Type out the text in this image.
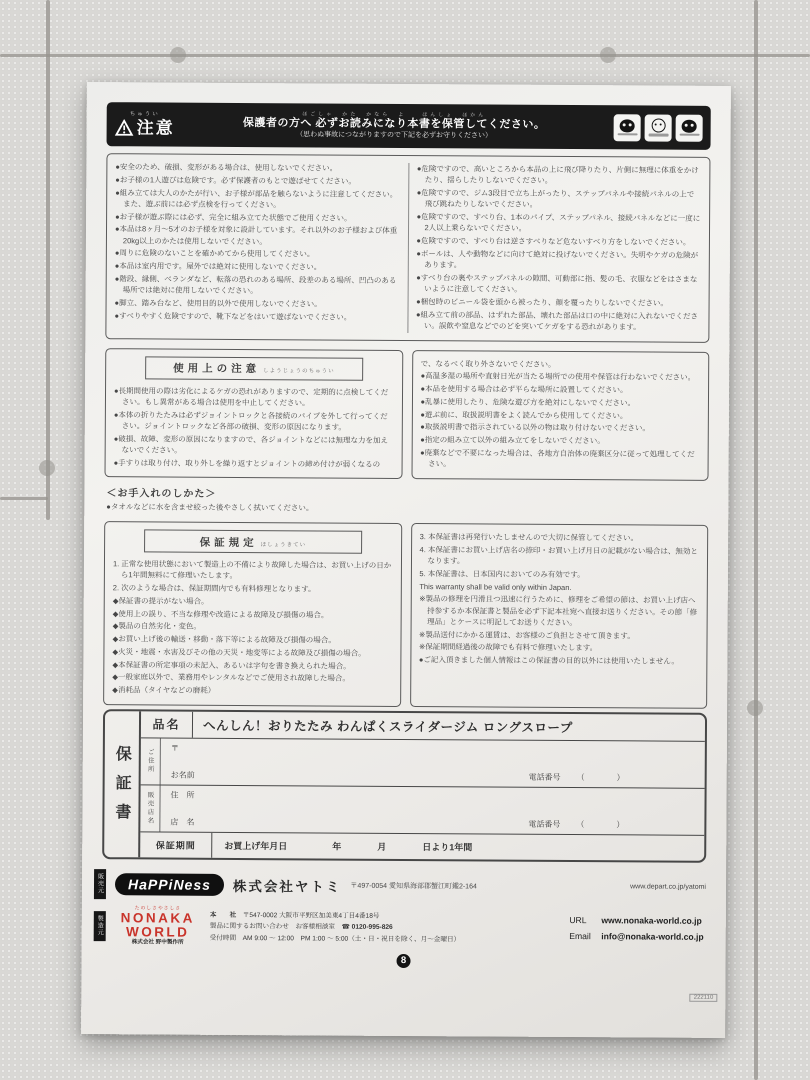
ちゅうい
注意
ほごしゃ　かた　かなら　よ　　ほんしょ　ほかん
保護者の方へ 必ずお読みになり本書を保管してください。
（思わぬ事故につながりますので下記を必ずお守りください）
●安全のため、破損、変形がある場合は、使用しないでください。
●お子様の1人遊びは危険です。必ず保護者のもとで遊ばせてください。
●組み立ては大人のかたが行い、お子様が部品を触らないように注意してください。また、遊ぶ前には必ず点検を行ってください。
●お子様が遊ぶ際には必ず、完全に組み立てた状態でご使用ください。
●本品は8ヶ月～5才のお子様を対象に設計しています。それ以外のお子様および体重20kg以上のかたは使用しないでください。
●周りに危険のないことを確かめてから使用してください。
●本品は室内用です。屋外では絶対に使用しないでください。
●階段、縁側、ベランダなど、転落の恐れのある場所、段差のある場所、凹凸のある場所では絶対に使用しないでください。
●脚立、踏み台など、使用目的以外で使用しないでください。
●すべりやすく危険ですので、靴下などをはいて遊ばないでください。
●危険ですので、高いところから本品の上に飛び降りたり、片側に無理に体重をかけたり、揺らしたりしないでください。
●危険ですので、ジム3段目で立ち上がったり、ステップパネルや接続パネルの上で飛び跳ねたりしないでください。
●危険ですので、すべり台、1本のパイプ、ステップパネル、接続パネルなどに一度に2人以上乗らないでください。
●危険ですので、すべり台は逆さすべりなど危ないすべり方をしないでください。
●ボールは、人や動物などに向けて絶対に投げないでください。失明やケガの危険があります。
●すべり台の裏やステップパネルの隙間、可動部に指、髪の毛、衣服などをはさまないように注意してください。
●梱包時のビニール袋を頭から被ったり、顔を覆ったりしないでください。
●組み立て前の部品、はずれた部品、壊れた部品は口の中に絶対に入れないでください。誤飲や窒息などでのどを突いてケガをする恐れがあります。
使用上の注意 しようじょうのちゅうい
●長期間使用の際は劣化によるケガの恐れがありますので、定期的に点検してください。もし異常がある場合は使用を中止してください。
●本体の折りたたみは必ずジョイントロックと各接続のパイプを外して行ってください。ジョイントロックなど各部の破損、変形の原因になります。
●破損、故障、変形の原因になりますので、各ジョイントなどには無理な力を加えないでください。
●手すりは取り付け、取り外しを繰り返すとジョイントの締め付けが弱くなるの
で、なるべく取り外さないでください。
●高温多湿の場所や直射日光が当たる場所での使用や保管は行わないでください。
●本品を使用する場合は必ず平らな場所に設置してください。
●乱暴に使用したり、危険な遊び方を絶対にしないでください。
●遊ぶ前に、取扱説明書をよく読んでから使用してください。
●取扱説明書で指示されている以外の物は取り付けないでください。
●指定の組み立て以外の組み立てをしないでください。
●廃棄などで不要になった場合は、各地方自治体の廃棄区分に従って処理してください。
＜お手入れのしかた＞
●タオルなどに水を含ませ絞った後やさしく拭いてください。
保証規定 ほしょうきてい
1. 正常な使用状態において製造上の不備により故障した場合は、お買い上げの日から1年間無料にて修理いたします。
2. 次のような場合は、保証期間内でも有料修理となります。
◆保証書の提示がない場合。
◆使用上の誤り、不当な修理や改造による故障及び損傷の場合。
◆製品の自然劣化・変色。
◆お買い上げ後の輸送・移動・落下等による故障及び損傷の場合。
◆火災・地震・水害及びその他の天災・地変等による故障及び損傷の場合。
◆本保証書の所定事項の未記入、あるいは字句を書き換えられた場合。
◆一般家庭以外で、業務用やレンタルなどでご使用され故障した場合。
◆消耗品（タイヤなどの磨耗）
3. 本保証書は再発行いたしませんので大切に保管してください。
4. 本保証書にお買い上げ店名の捺印・お買い上げ月日の記載がない場合は、無効となります。
5. 本保証書は、日本国内においてのみ有効です。
This warranty shall be valid only within Japan.
※製品の修理を円滑且つ迅速に行うために、修理をご希望の節は、お買い上げ店へ持参するか本保証書と製品を必ず下記本社宛へ直接お送りください。その節「修理品」とケースに明記してお送りください。
※製品送付にかかる運賃は、お客様のご負担とさせて頂きます。
※保証期間経過後の故障でも有料で修理いたします。
●ご記入頂きました個人情報はこの保証書の目的以外には使用いたしません。
保証書
品名	へんしん！おりたたみ わんぱくスライダージム ロングスロープ
ご住所
〒
お名前	電話番号 （　　　　）
販売店名 住　所
店　名	電話番号 （　　　　）
保証期間	お買上げ年月日　　　　　年　　　　月　　　　日より1年間
販売元	HaPPiNess	株式会社ヤトミ 〒497-0054 愛知県海部郡蟹江町鑑2-164	www.depart.co.jp/yatomi
製造元
たのしさやさしさ
NONAKA
WORLD
株式会社 野中製作所
本　　社　 〒547-0002 大阪市平野区加美東4丁目4番18号
製品に関するお問い合わせ　お客様相談室　 ☎ 0120-995-826
受付時間　AM 9:00 ～ 12:00　PM 1:00 ～ 5:00（土・日・祝日を除く、月～金曜日）
URL www.nonaka-world.co.jp
Email info@nonaka-world.co.jp
222110
8
